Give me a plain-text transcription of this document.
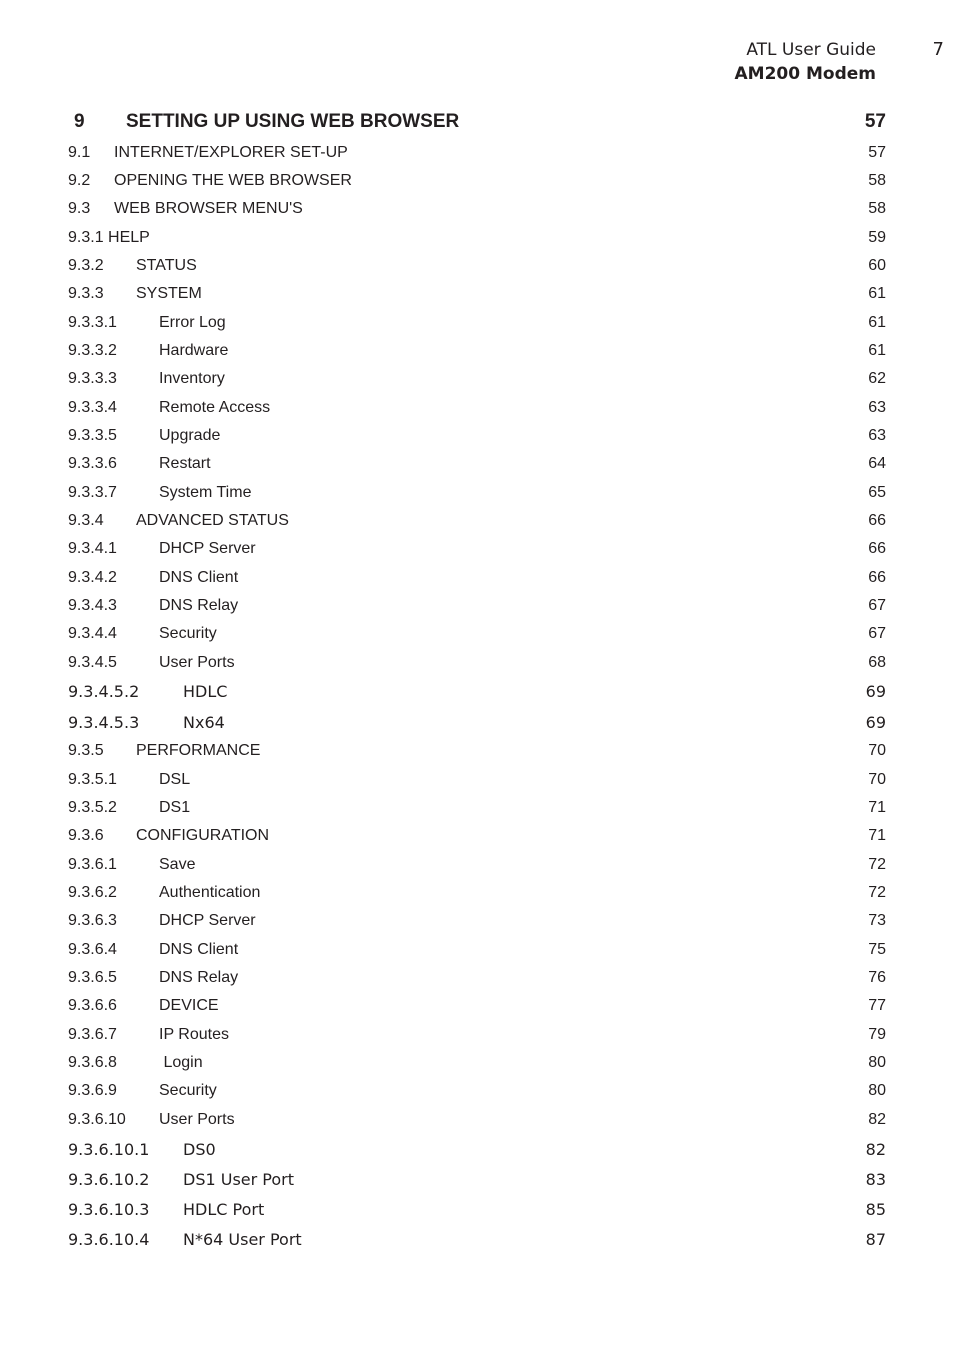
ATL User Guide
AM200 Modem
7
9 SETTING UP USING WEB BROWSER	57
9.1 INTERNET/EXPLORER SET-UP	57
9.2 OPENING THE WEB BROWSER	58
9.3 WEB BROWSER MENU'S	58
9.3.1 HELP	59
9.3.2 STATUS	60
9.3.3 SYSTEM	61
9.3.3.1	Error Log	61
9.3.3.2	Hardware	61
9.3.3.3	Inventory	62
9.3.3.4	Remote Access	63
9.3.3.5	Upgrade	63
9.3.3.6	Restart	64
9.3.3.7	System Time	65
9.3.4 ADVANCED STATUS	66
9.3.4.1	DHCP Server	66
9.3.4.2	DNS Client	66
9.3.4.3	DNS Relay	67
9.3.4.4	Security	67
9.3.4.5	User Ports	68
9.3.4.5.2	HDLC	69
9.3.4.5.3	Nx64	69
9.3.5 PERFORMANCE	70
9.3.5.1	DSL	70
9.3.5.2	DS1	71
9.3.6 CONFIGURATION	71
9.3.6.1	Save	72
9.3.6.2	Authentication	72
9.3.6.3	DHCP Server	73
9.3.6.4	DNS Client	75
9.3.6.5	DNS Relay	76
9.3.6.6	DEVICE	77
9.3.6.7	IP Routes	79
9.3.6.8	Login	80
9.3.6.9	Security	80
9.3.6.10 User Ports	82
9.3.6.10.1 DS0	82
9.3.6.10.2 DS1 User Port	83
9.3.6.10.3 HDLC Port	85
9.3.6.10.4 N*64 User Port	87
